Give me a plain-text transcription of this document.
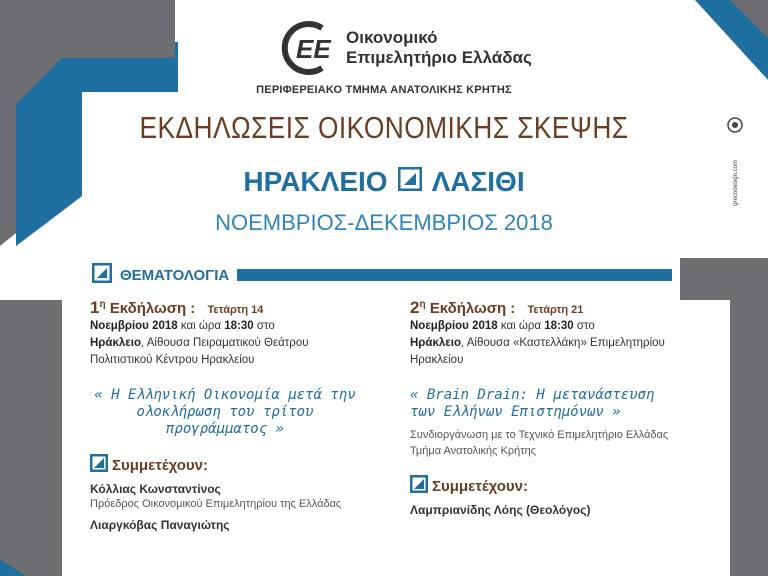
grecodesign.com
EE Οικονομικό
Επιμελητήριο Ελλάδας
ΠΕΡΙΦΕΡΕΙΑΚΟ ΤΜΗΜΑ ΑΝΑΤΟΛΙΚΗΣ ΚΡΗΤΗΣ
ΕΚΔΗΛΩΣΕΙΣ ΟΙΚΟΝΟΜΙΚΗΣ ΣΚΕΨΗΣ
ΗΡΑΚΛΕΙΟ ΛΑΣΙΘΙ
ΝΟΕΜΒΡΙΟΣ-ΔΕΚΕΜΒΡΙΟΣ 2018
ΘΕΜΑΤΟΛΟΓΙΑ
$1^\eta$ Εκδήλωση : Τετάρτη 14
Νοεμβρίου 2018 και ώρα 18:30 στο
Ηράκλειο, Αίθουσα Πειραματικού Θεάτρου Πολιτιστικού Κέντρου Ηρακλείου
« Η Ελληνική Οικονομία μετά την ολοκλήρωση του τρίτου προγράμματος »
Συμμετέχουν:
Κόλλιας Κωνσταντίνος
Πρόεδρος Οικονομικού Επιμελητηρίου της Ελλάδας
Λιαργκόβας Παναγιώτης
$2^\eta$ Εκδήλωση : Τετάρτη 21
Νοεμβρίου 2018 και ώρα 18:30 στο
Ηράκλειο, Αίθουσα «Καστελλάκη» Επιμελητηρίου Ηρακλείου
« Brain Drain: Η μετανάστευση των Ελλήνων Επιστημόνων »
Συνδιοργάνωση με το Τεχνικό Επιμελητήριο Ελλάδας Τμήμα Ανατολικής Κρήτης
Συμμετέχουν:
Λαμπριανίδης Λόης (Θεολόγος)
